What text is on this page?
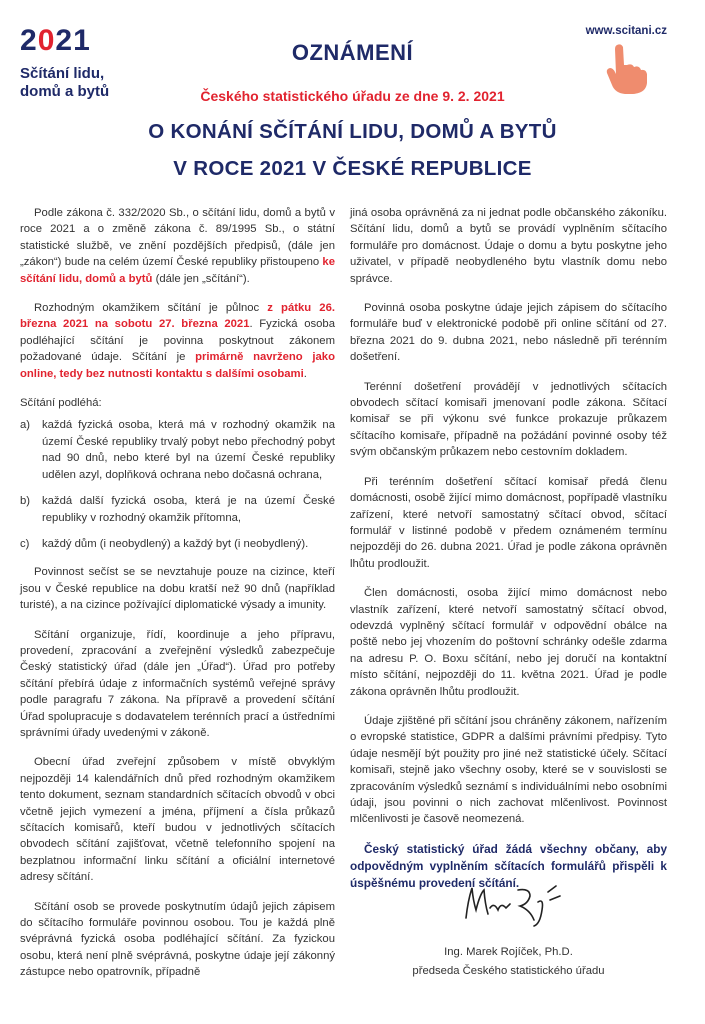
2021
Sčítání lidu,
domů a bytů
www.scitani.cz
OZNÁMENÍ
Českého statistického úřadu ze dne 9. 2. 2021
O KONÁNÍ SČÍTÁNÍ LIDU, DOMŮ A BYTŮ
V ROCE 2021 V ČESKÉ REPUBLICE

Podle zákona č. 332/2020 Sb., o sčítání lidu, domů a bytů v roce 2021 a o změně zákona č. 89/1995 Sb., o státní statistické službě, ve znění pozdějších předpisů, (dále jen „zákon“) bude na celém území České republiky přistoupeno ke sčítání lidu, domů a bytů (dále jen „sčítání“).

Rozhodným okamžikem sčítání je půlnoc z pátku 26. března 2021 na sobotu 27. března 2021. Fyzická osoba podléhající sčítání je povinna poskytnout zákonem požadované údaje. Sčítání je primárně navrženo jako online, tedy bez nutnosti kontaktu s dalšími osobami.

Sčítání podléhá:

a) každá fyzická osoba, která má v rozhodný okamžik na území České republiky trvalý pobyt nebo přechodný pobyt nad 90 dnů, nebo které byl na území České republiky udělen azyl, doplňková ochrana nebo dočasná ochrana,
b) každá další fyzická osoba, která je na území České republiky v rozhodný okamžik přítomna,
c) každý dům (i neobydlený) a každý byt (i neobydlený).

Povinnost sečíst se se nevztahuje pouze na cizince, kteří jsou v České republice na dobu kratší než 90 dnů (například turisté), a na cizince požívající diplomatické výsady a imunity.

Sčítání organizuje, řídí, koordinuje a jeho přípravu, provedení, zpracování a zveřejnění výsledků zabezpečuje Český statistický úřad (dále jen „Úřad“). Úřad pro potřeby sčítání přebírá údaje z informačních systémů veřejné správy podle paragrafu 7 zákona. Na přípravě a provedení sčítání Úřad spolupracuje s dodavatelem terénních prací a ústředními správními úřady uvedenými v zákoně.

Obecní úřad zveřejní způsobem v místě obvyklým nejpozději 14 kalendářních dnů před rozhodným okamžikem tento dokument, seznam standardních sčítacích obvodů v obci včetně jejich vymezení a jména, příjmení a čísla průkazů sčítacích komisařů, kteří budou v jednotlivých sčítacích obvodech sčítání zajišťovat, včetně telefonního spojení na bezplatnou informační linku sčítání a oficiální internetové adresy sčítání.

Sčítání osob se provede poskytnutím údajů jejich zápisem do sčítacího formuláře povinnou osobou. Tou je každá plně svéprávná fyzická osoba podléhající sčítání. Za fyzickou osobu, která není plně svéprávná, poskytne údaje její zákonný zástupce nebo opatrovník, případně

jiná osoba oprávněná za ni jednat podle občanského zákoníku. Sčítání lidu, domů a bytů se provádí vyplněním sčítacího formuláře pro domácnost. Údaje o domu a bytu poskytne jeho uživatel, v případě neobydleného bytu vlastník domu nebo správce.

Povinná osoba poskytne údaje jejich zápisem do sčítacího formuláře buď v elektronické podobě při online sčítání od 27. března 2021 do 9. dubna 2021, nebo následně při terénním došetření.

Terénní došetření provádějí v jednotlivých sčítacích obvodech sčítací komisaři jmenovaní podle zákona. Sčítací komisař se při výkonu své funkce prokazuje průkazem sčítacího komisaře, případně na požádání povinné osoby též svým občanským průkazem nebo cestovním dokladem.

Při terénním došetření sčítací komisař předá členu domácnosti, osobě žijící mimo domácnost, popřípadě vlastníku zařízení, které netvoří samostatný sčítací obvod, sčítací formulář v listinné podobě v předem oznámeném termínu nejpozději do 26. dubna 2021. Úřad je podle zákona oprávněn lhůtu prodloužit.

Člen domácnosti, osoba žijící mimo domácnost nebo vlastník zařízení, které netvoří samostatný sčítací obvod, odevzdá vyplněný sčítací formulář v odpovědní obálce na poště nebo jej vhozením do poštovní schránky odešle zdarma na adresu P. O. Boxu sčítání, nebo jej doručí na kontaktní místo sčítání, nejpozději do 11. května 2021. Úřad je podle zákona oprávněn lhůtu prodloužit.

Údaje zjištěné při sčítání jsou chráněny zákonem, nařízením o evropské statistice, GDPR a dalšími právními předpisy. Tyto údaje nesmějí být použity pro jiné než statistické účely. Sčítací komisaři, stejně jako všechny osoby, které se v souvislosti se zpracováním výsledků seznámí s individuálními nebo osobními údaji, jsou povinni o nich zachovat mlčenlivost. Povinnost mlčenlivosti je časově neomezená.

Český statistický úřad žádá všechny občany, aby odpovědným vyplněním sčítacích formulářů přispěli k úspěšnému provedení sčítání.

Ing. Marek Rojíček, Ph.D.
předseda Českého statistického úřadu
